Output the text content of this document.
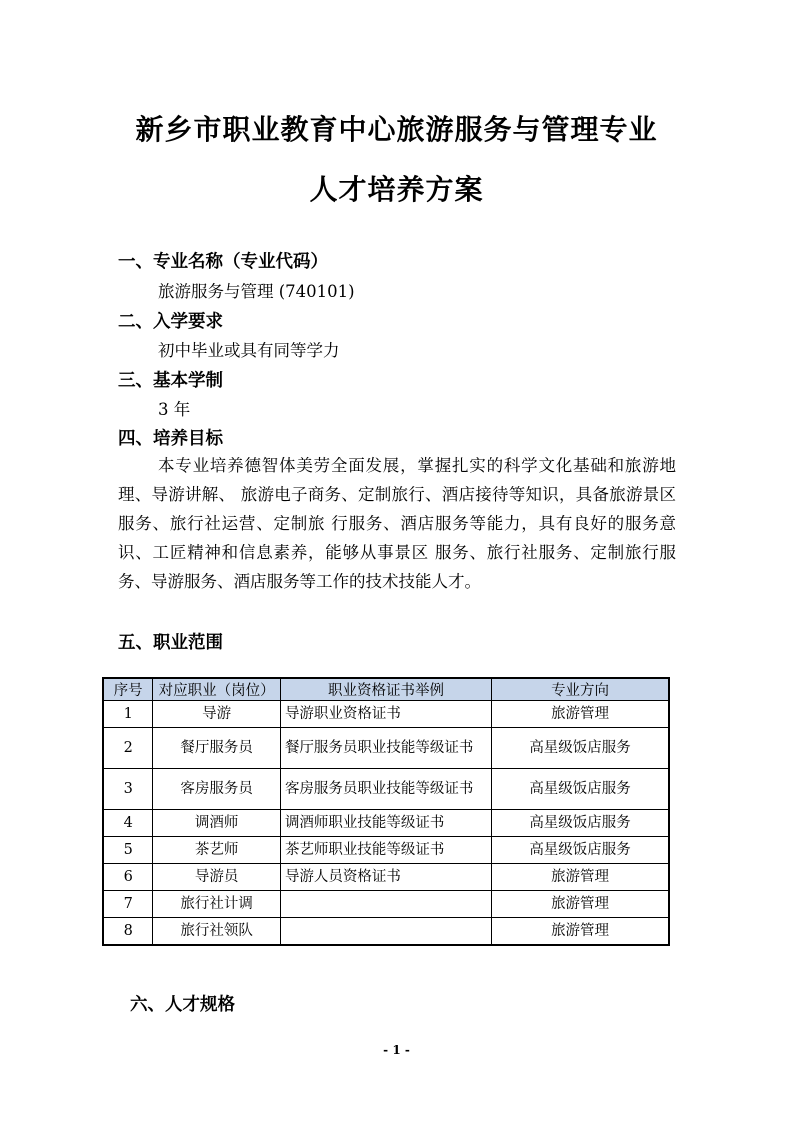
新乡市职业教育中心旅游服务与管理专业
人才培养方案
一、专业名称（专业代码）
旅游服务与管理 (740101)
二、入学要求
初中毕业或具有同等学力
三、基本学制
3 年
四、培养目标
本专业培养德智体美劳全面发展，掌握扎实的科学文化基础和旅游地理、导游讲解、 旅游电子商务、定制旅行、酒店接待等知识，具备旅游景区服务、旅行社运营、定制旅 行服务、酒店服务等能力，具有良好的服务意识、工匠精神和信息素养，能够从事景区 服务、旅行社服务、定制旅行服务、导游服务、酒店服务等工作的技术技能人才。
五、职业范围
序号	对应职业（岗位）	职业资格证书举例	专业方向
1	导游	导游职业资格证书	旅游管理
2	餐厅服务员	餐厅服务员职业技能等级证书	高星级饭店服务
3	客房服务员	客房服务员职业技能等级证书	高星级饭店服务
4	调酒师	调酒师职业技能等级证书	高星级饭店服务
5	茶艺师	茶艺师职业技能等级证书	高星级饭店服务
6	导游员	导游人员资格证书	旅游管理
7	旅行社计调		旅游管理
8	旅行社领队		旅游管理
六、人才规格
- 1 -
